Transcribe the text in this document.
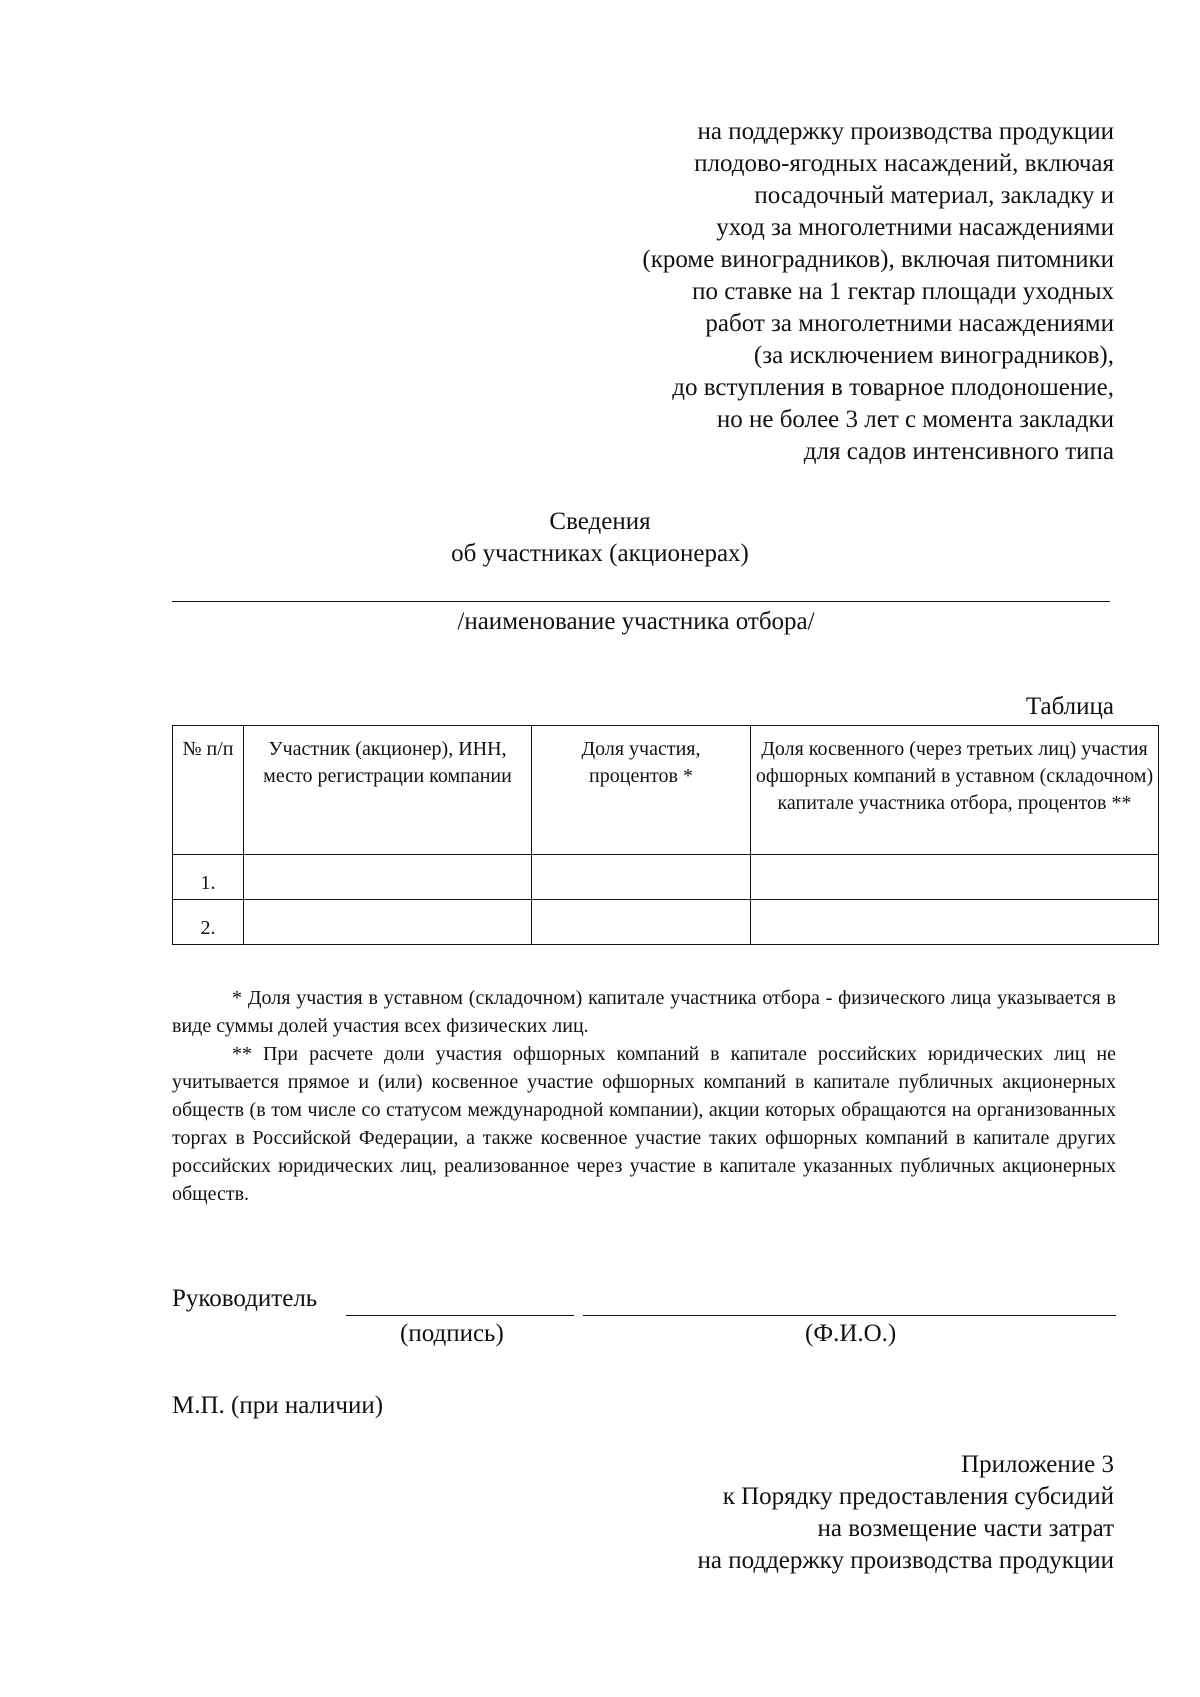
на поддержку производства продукции
плодово-ягодных насаждений, включая
посадочный материал, закладку и
уход за многолетними насаждениями
(кроме виноградников), включая питомники
по ставке на 1 гектар площади уходных
работ за многолетними насаждениями
(за исключением виноградников),
до вступления в товарное плодоношение,
но не более 3 лет с момента закладки
для садов интенсивного типа
Сведения
об участниках (акционерах)
/наименование участника отбора/
Таблица
№ п/п	Участник (акционер), ИНН, место регистрации компании	Доля участия, процентов *	Доля косвенного (через третьих лиц) участия офшорных компаний в уставном (складочном) капитале участника отбора, процентов **
1.			
2.			

* Доля участия в уставном (складочном) капитале участника отбора - физического лица указывается в виде суммы долей участия всех физических лиц.

** При расчете доли участия офшорных компаний в капитале российских юридических лиц не учитывается прямое и (или) косвенное участие офшорных компаний в капитале публичных акционерных обществ (в том числе со статусом международной компании), акции которых обращаются на организованных торгах в Российской Федерации, а также косвенное участие таких офшорных компаний в капитале других российских юридических лиц, реализованное через участие в капитале указанных публичных акционерных обществ.

Руководитель
(подпись)	(Ф.И.О.)
М.П. (при наличии)
Приложение 3
к Порядку предоставления субсидий
на возмещение части затрат
на поддержку производства продукции
